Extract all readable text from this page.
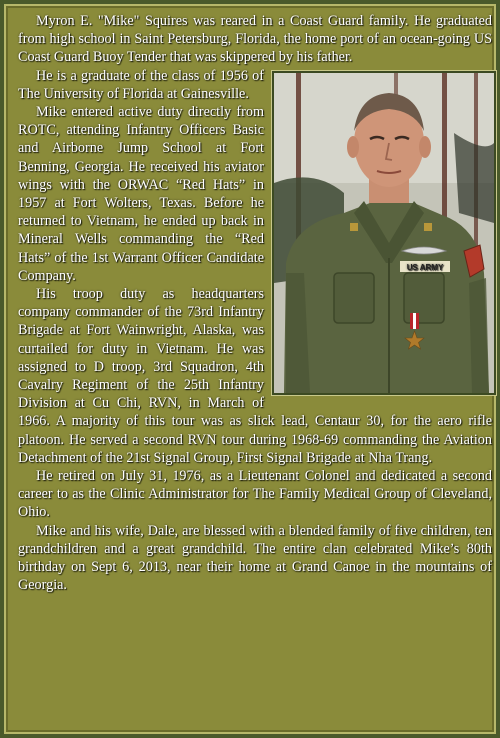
Myron E. "Mike" Squires was reared in a Coast Guard family. He graduated from high school in Saint Petersburg, Florida, the home port of an ocean-going US Coast Guard Buoy Tender that was skippered by his father.

US ARMY

He is a graduate of the class of 1956 of The University of Florida at Gainesville.

Mike entered active duty directly from ROTC, attending Infantry Officers Basic and Airborne Jump School at Fort Benning, Georgia. He received his aviator wings with the ORWAC “Red Hats” in 1957 at Fort Wolters, Texas. Before he returned to Vietnam, he ended up back in Mineral Wells commanding the “Red Hats” of the 1st Warrant Officer Candidate Company.

His troop duty as headquarters company commander of the 73rd Infantry Brigade at Fort Wainwright, Alaska, was curtailed for duty in Vietnam. He was assigned to D troop, 3rd Squadron, 4th Cavalry Regiment of the 25th Infantry Division at Cu Chi, RVN, in March of 1966. A majority of this tour was as slick lead, Centaur 30, for the aero rifle platoon. He served a second RVN tour during 1968-69 commanding the Aviation Detachment of the 21st Signal Group, First Signal Brigade at Nha Trang.

He retired on July 31, 1976, as a Lieutenant Colonel and dedicated a second career to as the Clinic Administrator for The Family Medical Group of Cleveland, Ohio.

Mike and his wife, Dale, are blessed with a blended family of five children, ten grandchildren and a great grandchild. The entire clan celebrated Mike’s 80th birthday on Sept 6, 2013, near their home at Grand Canoe in the mountains of Georgia.
